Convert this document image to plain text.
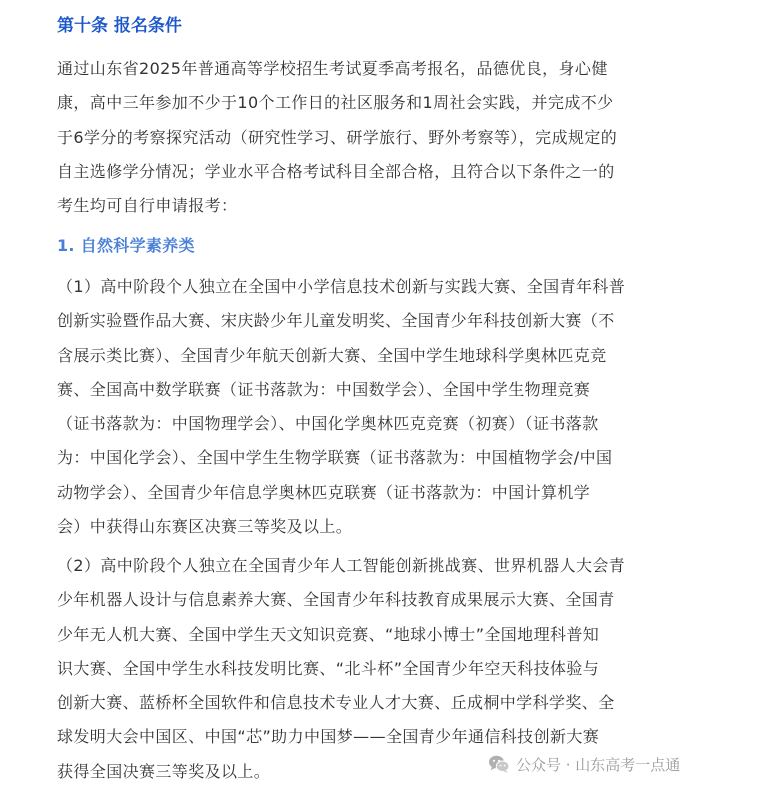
第十条 报名条件

通过山东省2025年普通高等学校招生考试夏季高考报名，品德优良，身心健
康，高中三年参加不少于10个工作日的社区服务和1周社会实践，并完成不少
于6学分的考察探究活动（研究性学习、研学旅行、野外考察等），完成规定的
自主选修学分情况；学业水平合格考试科目全部合格，且符合以下条件之一的
考生均可自行申请报考：

1. 自然科学素养类

（1）高中阶段个人独立在全国中小学信息技术创新与实践大赛、全国青年科普
创新实验暨作品大赛、宋庆龄少年儿童发明奖、全国青少年科技创新大赛（不
含展示类比赛）、全国青少年航天创新大赛、全国中学生地球科学奥林匹克竞
赛、全国高中数学联赛（证书落款为：中国数学会）、全国中学生物理竞赛
（证书落款为：中国物理学会）、中国化学奥林匹克竞赛（初赛）（证书落款
为：中国化学会）、全国中学生生物学联赛（证书落款为：中国植物学会/中国
动物学会）、全国青少年信息学奥林匹克联赛（证书落款为：中国计算机学
会）中获得山东赛区决赛三等奖及以上。

（2）高中阶段个人独立在全国青少年人工智能创新挑战赛、世界机器人大会青
少年机器人设计与信息素养大赛、全国青少年科技教育成果展示大赛、全国青
少年无人机大赛、全国中学生天文知识竞赛、“地球小博士”全国地理科普知
识大赛、全国中学生水科技发明比赛、“北斗杯”全国青少年空天科技体验与
创新大赛、蓝桥杯全国软件和信息技术专业人才大赛、丘成桐中学科学奖、全
球发明大会中国区、中国“芯”助力中国梦——全国青少年通信科技创新大赛
获得全国决赛三等奖及以上。	公众号 · 山东高考一点通
